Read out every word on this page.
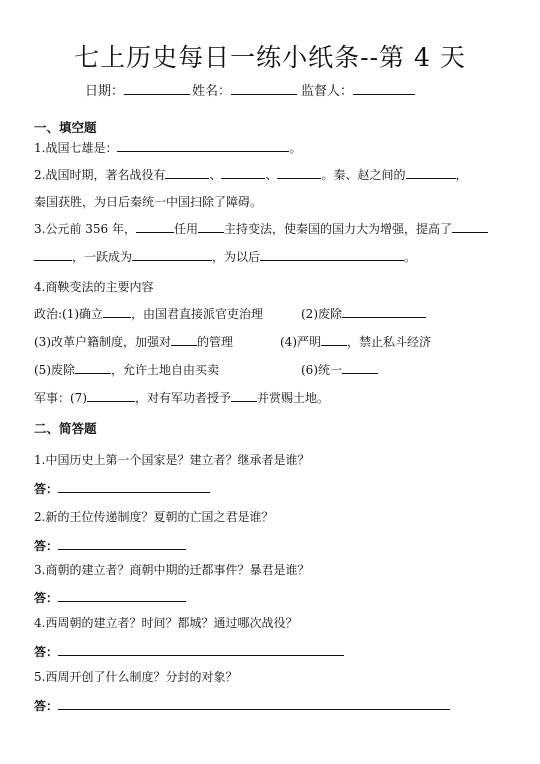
七上历史每日一练小纸条--第 4 天
日期：	姓名：	监督人：
一、填空题
1.战国七雄是：	。
2.战国时期，著名战役有	、	、	。秦、赵之间的	，
秦国获胜，为日后秦统一中国扫除了障碍。
3.公元前 356 年，	任用 主持变法，使秦国的国力大为增强，提高了
，一跃成为	，为以后	。
4.商鞅变法的主要内容
政治:(1)确立 ，由国君直接派官吏治理	(2)废除
(3)改革户籍制度，加强对 的管理	(4)严明 ，禁止私斗经济
(5)废除	，允许土地自由买卖	(6)统一
军事：(7)	，对有军功者授予 并赏赐土地。
二、简答题
1.中国历史上第一个国家是？建立者？继承者是谁？
答：
2.新的王位传递制度？夏朝的亡国之君是谁？
答：
3.商朝的建立者？商朝中期的迁都事件？暴君是谁？
答：
4.西周朝的建立者？时间？都城？通过哪次战役？
答：
5.西周开创了什么制度？分封的对象？
答：
